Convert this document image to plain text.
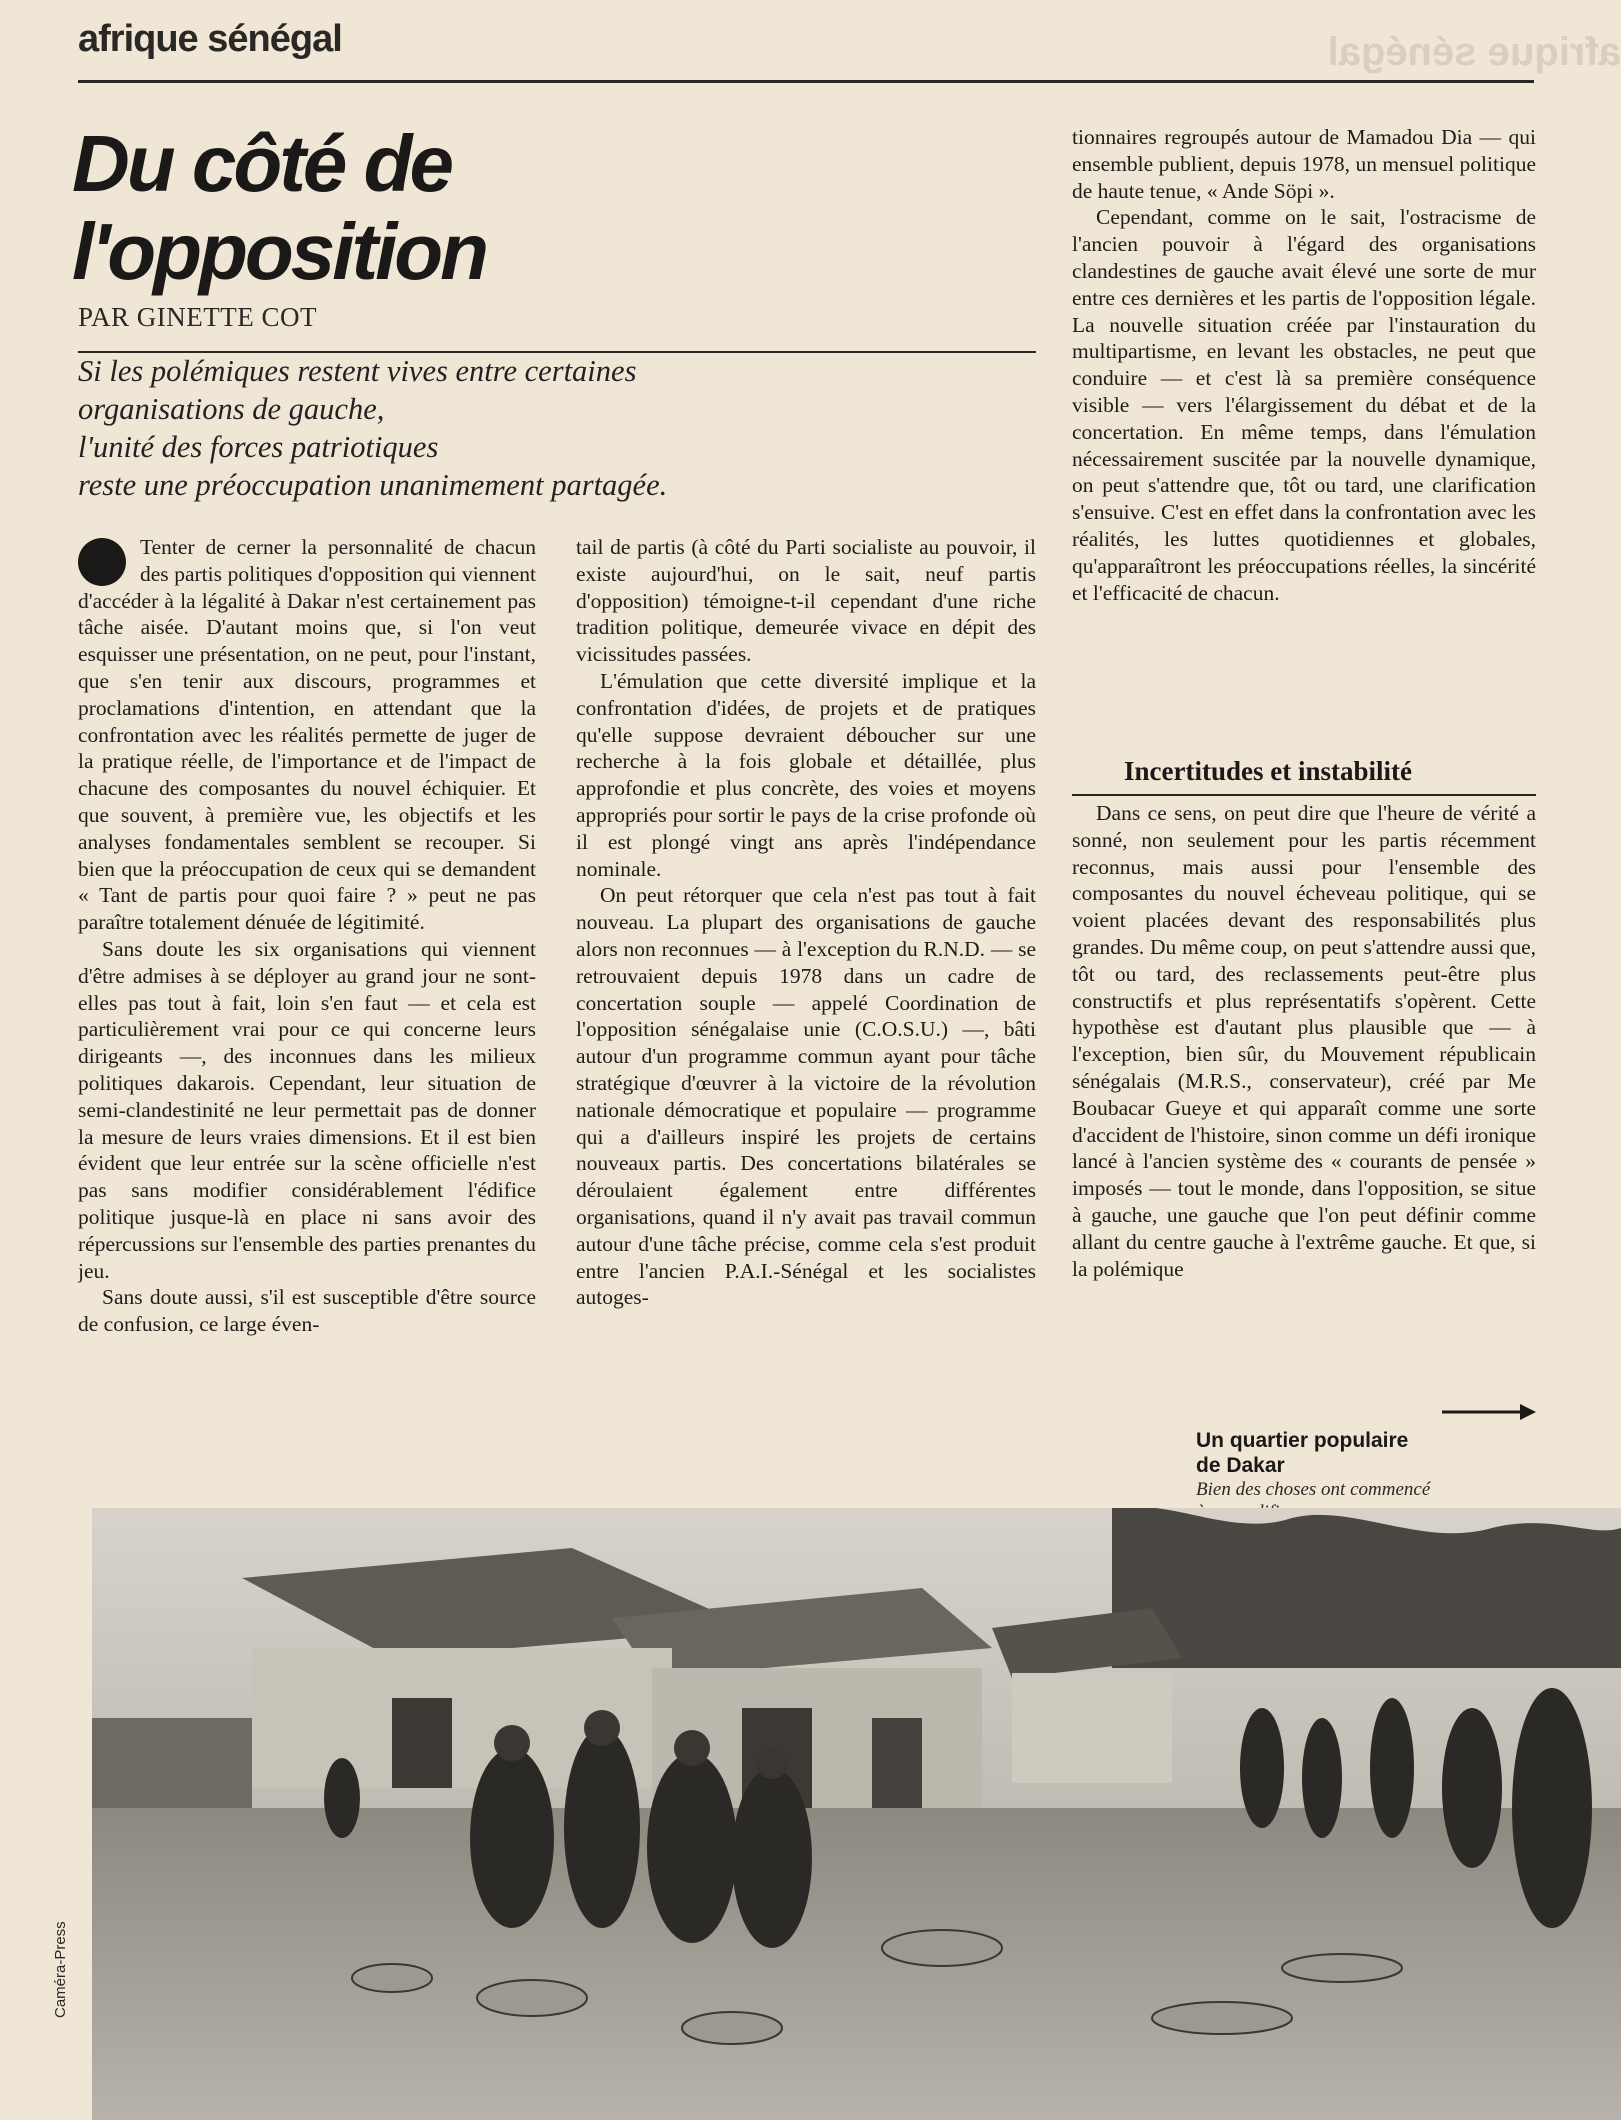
afrique sénégal	afrique sénégal
Du côté de l'opposition
PAR GINETTE COT

Si les polémiques restent vives entre certaines

organisations de gauche,

l'unité des forces patriotiques

reste une préoccupation unanimement partagée.

Tenter de cerner la personnalité de chacun des partis politiques d'opposition qui viennent d'accéder à la légalité à Dakar n'est certainement pas tâche aisée. D'autant moins que, si l'on veut esquisser une présentation, on ne peut, pour l'instant, que s'en tenir aux discours, programmes et proclamations d'intention, en attendant que la confrontation avec les réalités permette de juger de la pratique réelle, de l'importance et de l'impact de chacune des composantes du nouvel échiquier. Et que souvent, à première vue, les objectifs et les analyses fondamentales semblent se recouper. Si bien que la préoccupation de ceux qui se demandent « Tant de partis pour quoi faire ? » peut ne pas paraître totalement dénuée de légitimité.

Sans doute les six organisations qui viennent d'être admises à se déployer au grand jour ne sont-elles pas tout à fait, loin s'en faut — et cela est particulièrement vrai pour ce qui concerne leurs dirigeants —, des inconnues dans les milieux politiques dakarois. Cependant, leur situation de semi-clandestinité ne leur permettait pas de donner la mesure de leurs vraies dimensions. Et il est bien évident que leur entrée sur la scène officielle n'est pas sans modifier considérablement l'édifice politique jusque-là en place ni sans avoir des répercussions sur l'ensemble des parties prenantes du jeu.

Sans doute aussi, s'il est susceptible d'être source de confusion, ce large éven-

tail de partis (à côté du Parti socialiste au pouvoir, il existe aujourd'hui, on le sait, neuf partis d'opposition) témoigne-t-il cependant d'une riche tradition politique, demeurée vivace en dépit des vicissitudes passées.

L'émulation que cette diversité implique et la confrontation d'idées, de projets et de pratiques qu'elle suppose devraient déboucher sur une recherche à la fois globale et détaillée, plus approfondie et plus concrète, des voies et moyens appropriés pour sortir le pays de la crise profonde où il est plongé vingt ans après l'indépendance nominale.

On peut rétorquer que cela n'est pas tout à fait nouveau. La plupart des organisations de gauche alors non reconnues — à l'exception du R.N.D. — se retrouvaient depuis 1978 dans un cadre de concertation souple — appelé Coordination de l'opposition sénégalaise unie (C.O.S.U.) —, bâti autour d'un programme commun ayant pour tâche stratégique d'œuvrer à la victoire de la révolution nationale démocratique et populaire — programme qui a d'ailleurs inspiré les projets de certains nouveaux partis. Des concertations bilatérales se déroulaient également entre différentes organisations, quand il n'y avait pas travail commun autour d'une tâche précise, comme cela s'est produit entre l'ancien P.A.I.-Sénégal et les socialistes autoges-

tionnaires regroupés autour de Mamadou Dia — qui ensemble publient, depuis 1978, un mensuel politique de haute tenue, « Ande Söpi ».

Cependant, comme on le sait, l'ostracisme de l'ancien pouvoir à l'égard des organisations clandestines de gauche avait élevé une sorte de mur entre ces dernières et les partis de l'opposition légale. La nouvelle situation créée par l'instauration du multipartisme, en levant les obstacles, ne peut que conduire — et c'est là sa première conséquence visible — vers l'élargissement du débat et de la concertation. En même temps, dans l'émulation nécessairement suscitée par la nouvelle dynamique, on peut s'attendre que, tôt ou tard, une clarification s'ensuive. C'est en effet dans la confrontation avec les réalités, les luttes quotidiennes et globales, qu'apparaîtront les préoccupations réelles, la sincérité et l'efficacité de chacun.

Incertitudes et instabilité

Dans ce sens, on peut dire que l'heure de vérité a sonné, non seulement pour les partis récemment reconnus, mais aussi pour l'ensemble des composantes du nouvel écheveau politique, qui se voient placées devant des responsabilités plus grandes. Du même coup, on peut s'attendre aussi que, tôt ou tard, des reclassements peut-être plus constructifs et plus représentatifs s'opèrent. Cette hypothèse est d'autant plus plausible que — à l'exception, bien sûr, du Mouvement républicain sénégalais (M.R.S., conservateur), créé par Me Boubacar Gueye et qui apparaît comme une sorte d'accident de l'histoire, sinon comme un défi ironique lancé à l'ancien système des « courants de pensée » imposés — tout le monde, dans l'opposition, se situe à gauche, une gauche que l'on peut définir comme allant du centre gauche à l'extrême gauche. Et que, si la polémique

Un quartier populaire
de Dakar
Bien des choses ont commencé
Caméra-Press
